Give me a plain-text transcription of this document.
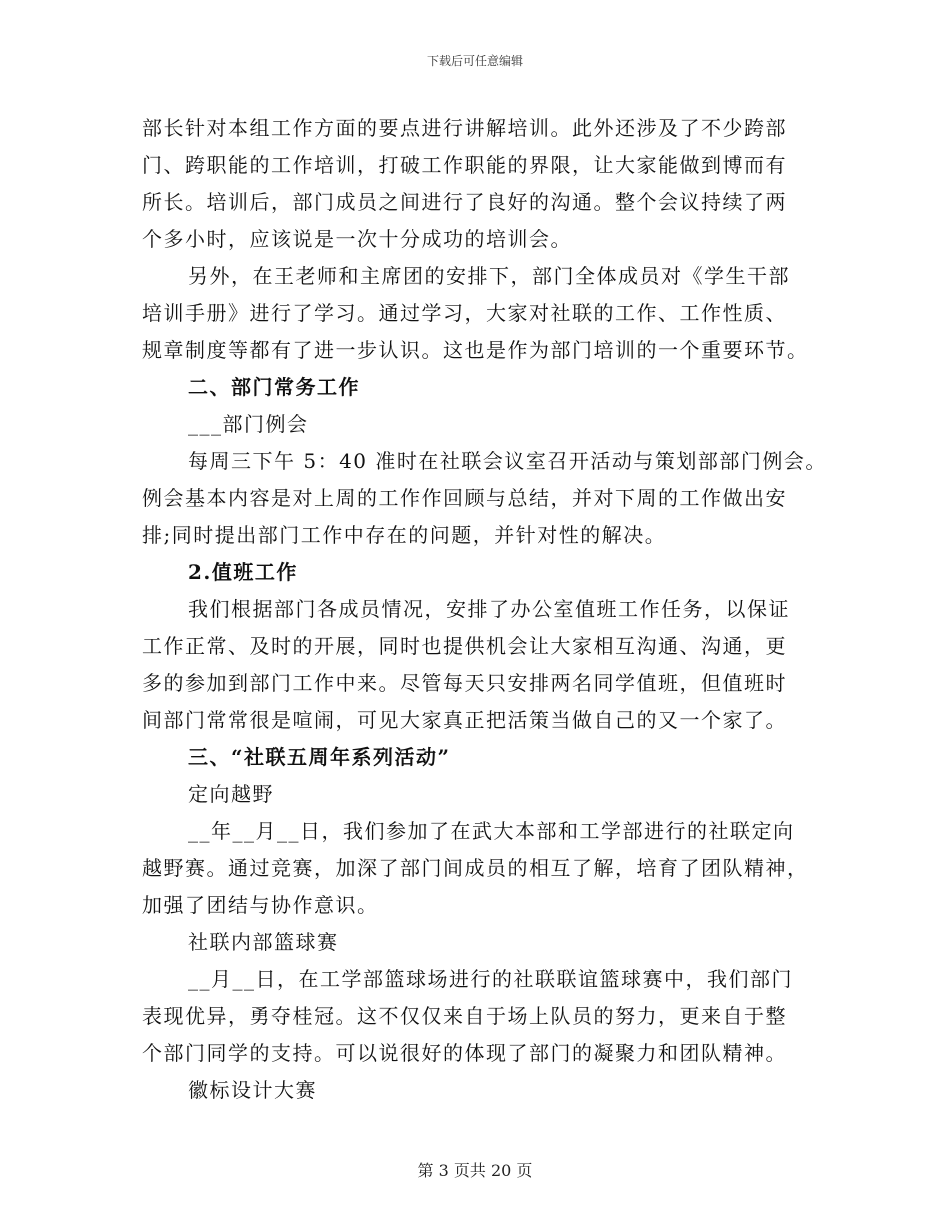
下载后可任意编辑
部长针对本组工作方面的要点进行讲解培训。此外还涉及了不少跨部
门、跨职能的工作培训，打破工作职能的界限，让大家能做到博而有
所长。培训后，部门成员之间进行了良好的沟通。整个会议持续了两
个多小时，应该说是一次十分成功的培训会。
另外，在王老师和主席团的安排下，部门全体成员对《学生干部
培训手册》进行了学习。通过学习，大家对社联的工作、工作性质、
规章制度等都有了进一步认识。这也是作为部门培训的一个重要环节。
二、部门常务工作
___部门例会
每周三下午 5：40 准时在社联会议室召开活动与策划部部门例会。
例会基本内容是对上周的工作作回顾与总结，并对下周的工作做出安
排;同时提出部门工作中存在的问题，并针对性的解决。
2.值班工作
我们根据部门各成员情况，安排了办公室值班工作任务，以保证
工作正常、及时的开展，同时也提供机会让大家相互沟通、沟通，更
多的参加到部门工作中来。尽管每天只安排两名同学值班，但值班时
间部门常常很是喧闹，可见大家真正把活策当做自己的又一个家了。
三、“社联五周年系列活动”
定向越野
__年__月__日，我们参加了在武大本部和工学部进行的社联定向
越野赛。通过竞赛，加深了部门间成员的相互了解，培育了团队精神，
加强了团结与协作意识。
社联内部篮球赛
__月__日，在工学部篮球场进行的社联联谊篮球赛中，我们部门
表现优异，勇夺桂冠。这不仅仅来自于场上队员的努力，更来自于整
个部门同学的支持。可以说很好的体现了部门的凝聚力和团队精神。
徽标设计大赛
第 3 页共 20 页
